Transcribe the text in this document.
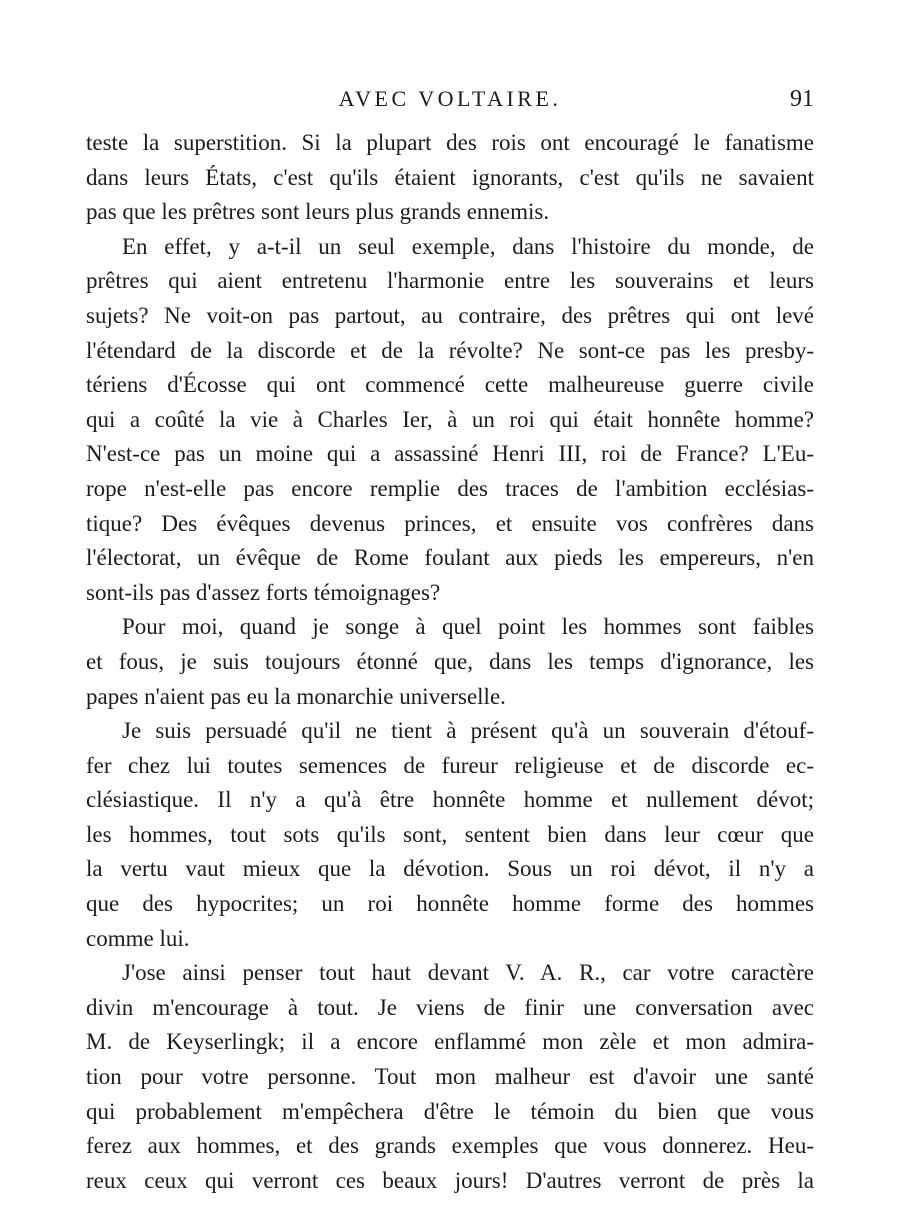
AVEC VOLTAIRE.	91
teste la superstition. Si la plupart des rois ont encouragé le fanatisme
dans leurs États, c'est qu'ils étaient ignorants, c'est qu'ils ne savaient
pas que les prêtres sont leurs plus grands ennemis.
En effet, y a-t-il un seul exemple, dans l'histoire du monde, de
prêtres qui aient entretenu l'harmonie entre les souverains et leurs
sujets? Ne voit-on pas partout, au contraire, des prêtres qui ont levé
l'étendard de la discorde et de la révolte? Ne sont-ce pas les presby-
tériens d'Écosse qui ont commencé cette malheureuse guerre civile
qui a coûté la vie à Charles Ier, à un roi qui était honnête homme?
N'est-ce pas un moine qui a assassiné Henri III, roi de France? L'Eu-
rope n'est-elle pas encore remplie des traces de l'ambition ecclésias-
tique? Des évêques devenus princes, et ensuite vos confrères dans
l'électorat, un évêque de Rome foulant aux pieds les empereurs, n'en
sont-ils pas d'assez forts témoignages?
Pour moi, quand je songe à quel point les hommes sont faibles
et fous, je suis toujours étonné que, dans les temps d'ignorance, les
papes n'aient pas eu la monarchie universelle.
Je suis persuadé qu'il ne tient à présent qu'à un souverain d'étouf-
fer chez lui toutes semences de fureur religieuse et de discorde ec-
clésiastique. Il n'y a qu'à être honnête homme et nullement dévot;
les hommes, tout sots qu'ils sont, sentent bien dans leur cœur que
la vertu vaut mieux que la dévotion. Sous un roi dévot, il n'y a
que des hypocrites; un roi honnête homme forme des hommes
comme lui.
J'ose ainsi penser tout haut devant V. A. R., car votre caractère
divin m'encourage à tout. Je viens de finir une conversation avec
M. de Keyserlingk; il a encore enflammé mon zèle et mon admira-
tion pour votre personne. Tout mon malheur est d'avoir une santé
qui probablement m'empêchera d'être le témoin du bien que vous
ferez aux hommes, et des grands exemples que vous donnerez. Heu-
reux ceux qui verront ces beaux jours! D'autres verront de près la
